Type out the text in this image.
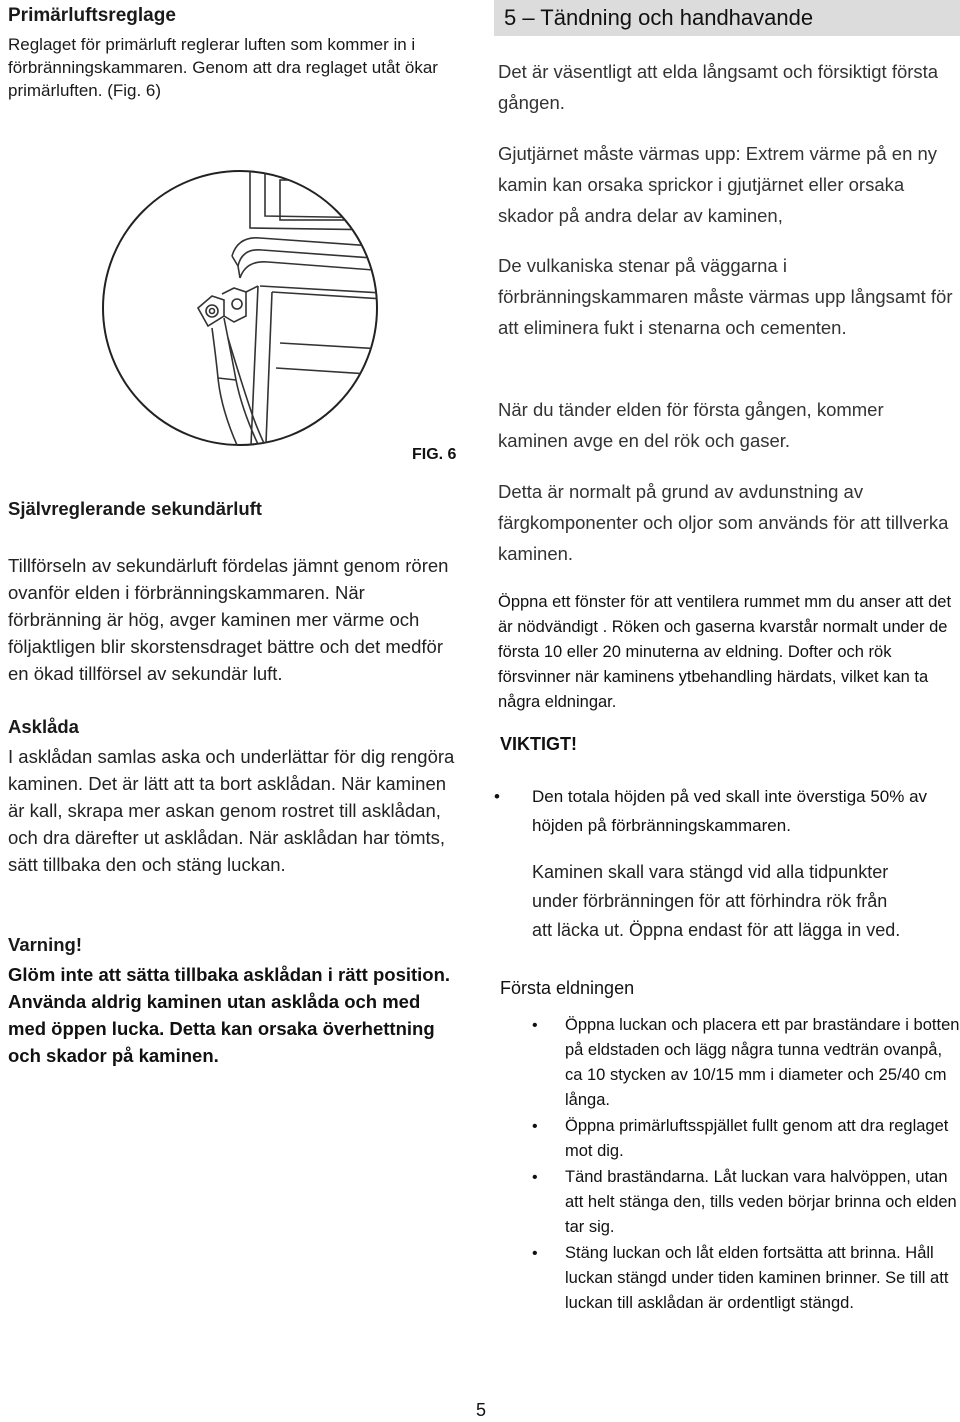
Primärluftsreglage
Reglaget för primärluft reglerar luften som kommer in i förbränningskammaren. Genom att dra reglaget utåt ökar primärluften. (Fig. 6)
5 – Tändning och handhavande
Det är väsentligt att elda långsamt och försiktigt första gången.
Gjutjärnet måste värmas upp: Extrem värme på en ny kamin kan orsaka sprickor i gjutjärnet eller orsaka skador på andra delar av kaminen,
De vulkaniska stenar på väggarna i förbränningskammaren måste värmas upp långsamt för att eliminera fukt i stenarna och cementen.
När du tänder elden för första gången, kommer kaminen avge en del rök och gaser.
Detta är normalt på grund av avdunstning av färgkomponenter och oljor som används för att tillverka kaminen.
Öppna ett fönster för att ventilera rummet mm du anser att det är nödvändigt . Röken och gaserna kvarstår normalt under de första 10 eller 20 minuterna av eldning. Dofter och rök försvinner när kaminens ytbehandling härdats, vilket kan ta några eldningar.
VIKTIGT!
• Den totala höjden på ved skall inte överstiga 50% av höjden på förbränningskammaren.
• Kaminen skall vara stängd vid alla tidpunkter under förbränningen för att förhindra rök från att läcka ut. Öppna endast för att lägga in ved.
Första eldningen
• Öppna luckan och placera ett par braständare i botten på eldstaden och lägg några tunna vedträn ovanpå, ca 10 stycken av 10/15 mm i diameter och 25/40 cm långa.
• Öppna primärluftsspjället fullt genom att dra reglaget mot dig.
• Tänd braständarna. Låt luckan vara halvöppen, utan att helt stänga den, tills veden börjar brinna och elden tar sig.
• Stäng luckan och låt elden fortsätta att brinna. Håll luckan stängd under tiden kaminen brinner. Se till att luckan till asklådan är ordentligt stängd.
FIG. 6
Självreglerande sekundärluft
Tillförseln av sekundärluft fördelas jämnt genom rören ovanför elden i förbränningskammaren. När förbränning är hög, avger kaminen mer värme och följaktligen blir skorstensdraget bättre och det medför en ökad tillförsel av sekundär luft.
Asklåda
I asklådan samlas aska och underlättar för dig rengöra kaminen. Det är lätt att ta bort asklådan. När kaminen är kall, skrapa mer askan genom rostret till asklådan, och dra därefter ut asklådan. När asklådan har tömts, sätt tillbaka den och stäng luckan.
Varning!
Glöm inte att sätta tillbaka asklådan i rätt position. Använda aldrig kaminen utan asklåda och med med öppen lucka. Detta kan orsaka överhettning och skador på kaminen.
5
